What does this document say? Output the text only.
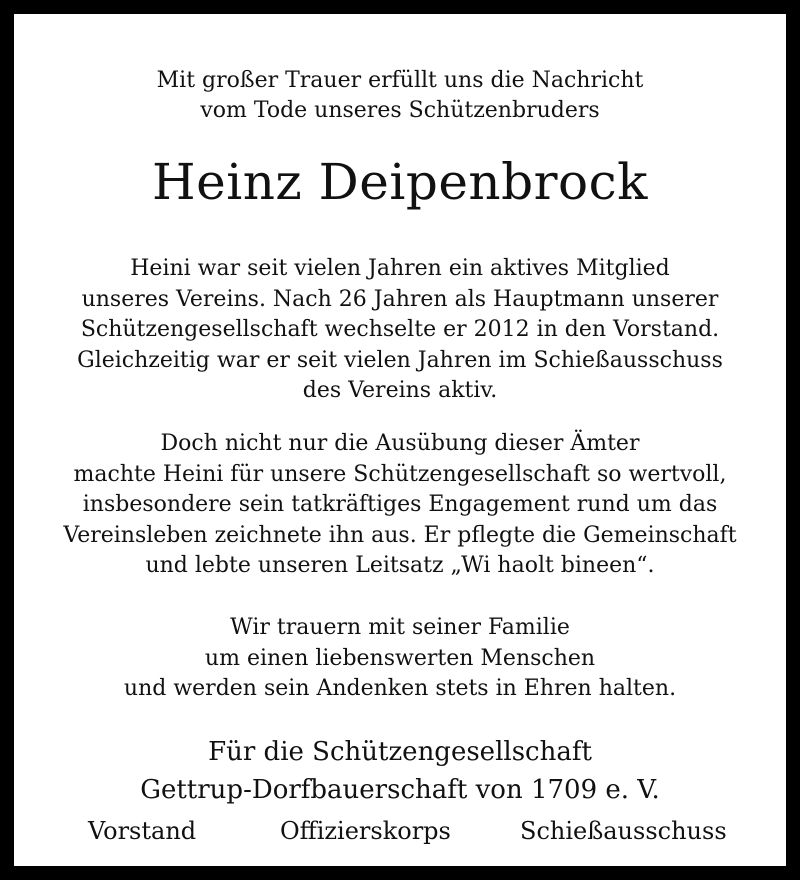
Mit großer Trauer erfüllt uns die Nachricht
vom Tode unseres Schützenbruders
Heinz Deipenbrock
Heini war seit vielen Jahren ein aktives Mitglied
unseres Vereins. Nach 26 Jahren als Hauptmann unserer
Schützengesellschaft wechselte er 2012 in den Vorstand.
Gleichzeitig war er seit vielen Jahren im Schießausschuss
des Vereins aktiv.
Doch nicht nur die Ausübung dieser Ämter
machte Heini für unsere Schützengesellschaft so wertvoll,
insbesondere sein tatkräftiges Engagement rund um das
Vereinsleben zeichnete ihn aus. Er pflegte die Gemeinschaft
und lebte unseren Leitsatz „Wi haolt bineen“.
Wir trauern mit seiner Familie
um einen liebenswerten Menschen
und werden sein Andenken stets in Ehren halten.
Für die Schützengesellschaft
Gettrup-Dorfbauerschaft von 1709 e. V.
Vorstand	Offizierskorps	Schießausschuss
